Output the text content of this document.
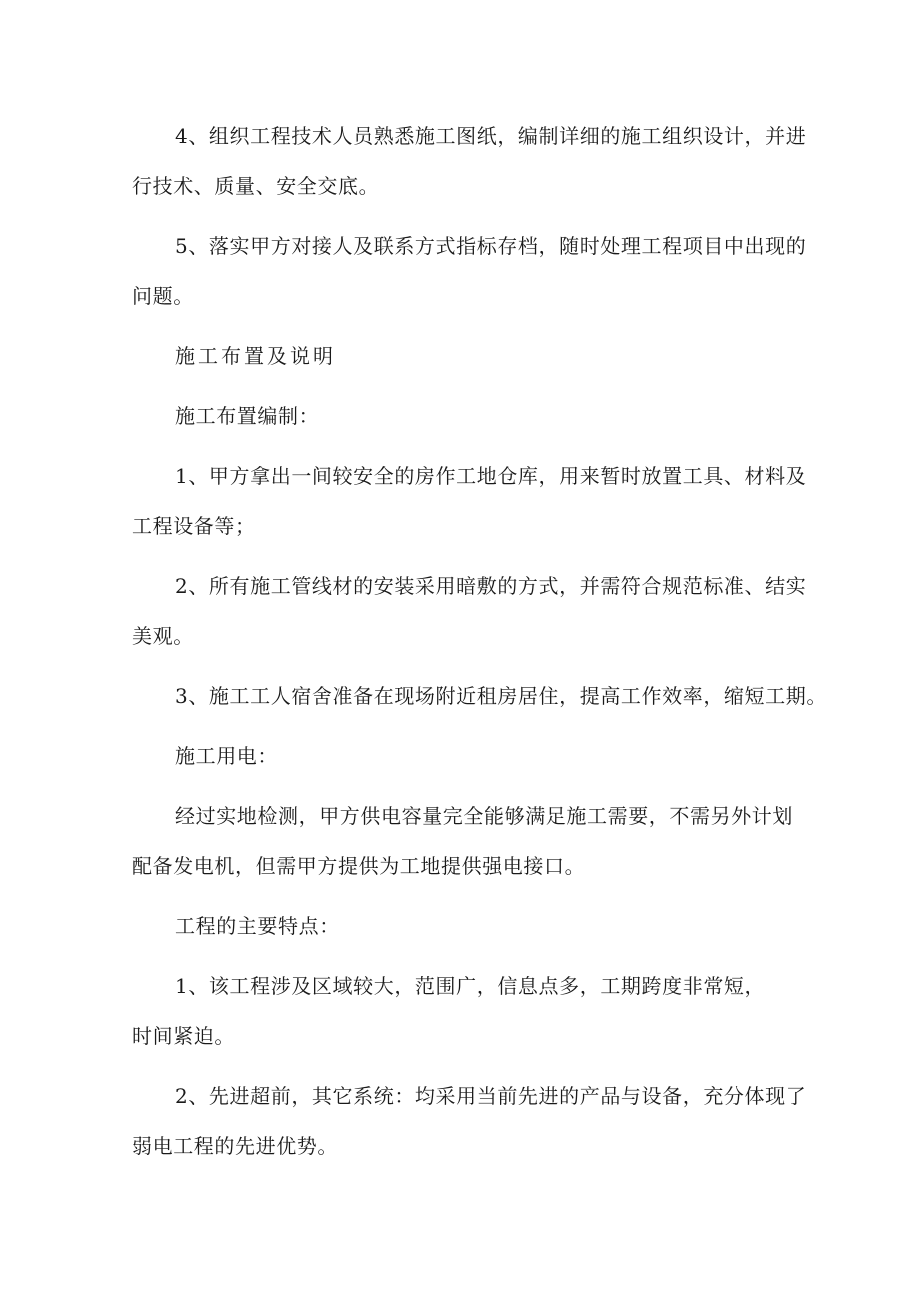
4、组织工程技术人员熟悉施工图纸，编制详细的施工组织设计，并进

行技术、质量、安全交底。

5、落实甲方对接人及联系方式指标存档，随时处理工程项目中出现的

问题。

施工布置及说明

施工布置编制：

1、甲方拿出一间较安全的房作工地仓库，用来暂时放置工具、材料及

工程设备等；

2、所有施工管线材的安装采用暗敷的方式，并需符合规范标准、结实

美观。

3、施工工人宿舍准备在现场附近租房居住，提高工作效率，缩短工期。

施工用电：

经过实地检测，甲方供电容量完全能够满足施工需要，不需另外计划

配备发电机，但需甲方提供为工地提供强电接口。

工程的主要特点：

1、该工程涉及区域较大，范围广，信息点多，工期跨度非常短，

时间紧迫。

2、先进超前，其它系统：均采用当前先进的产品与设备，充分体现了

弱电工程的先进优势。
